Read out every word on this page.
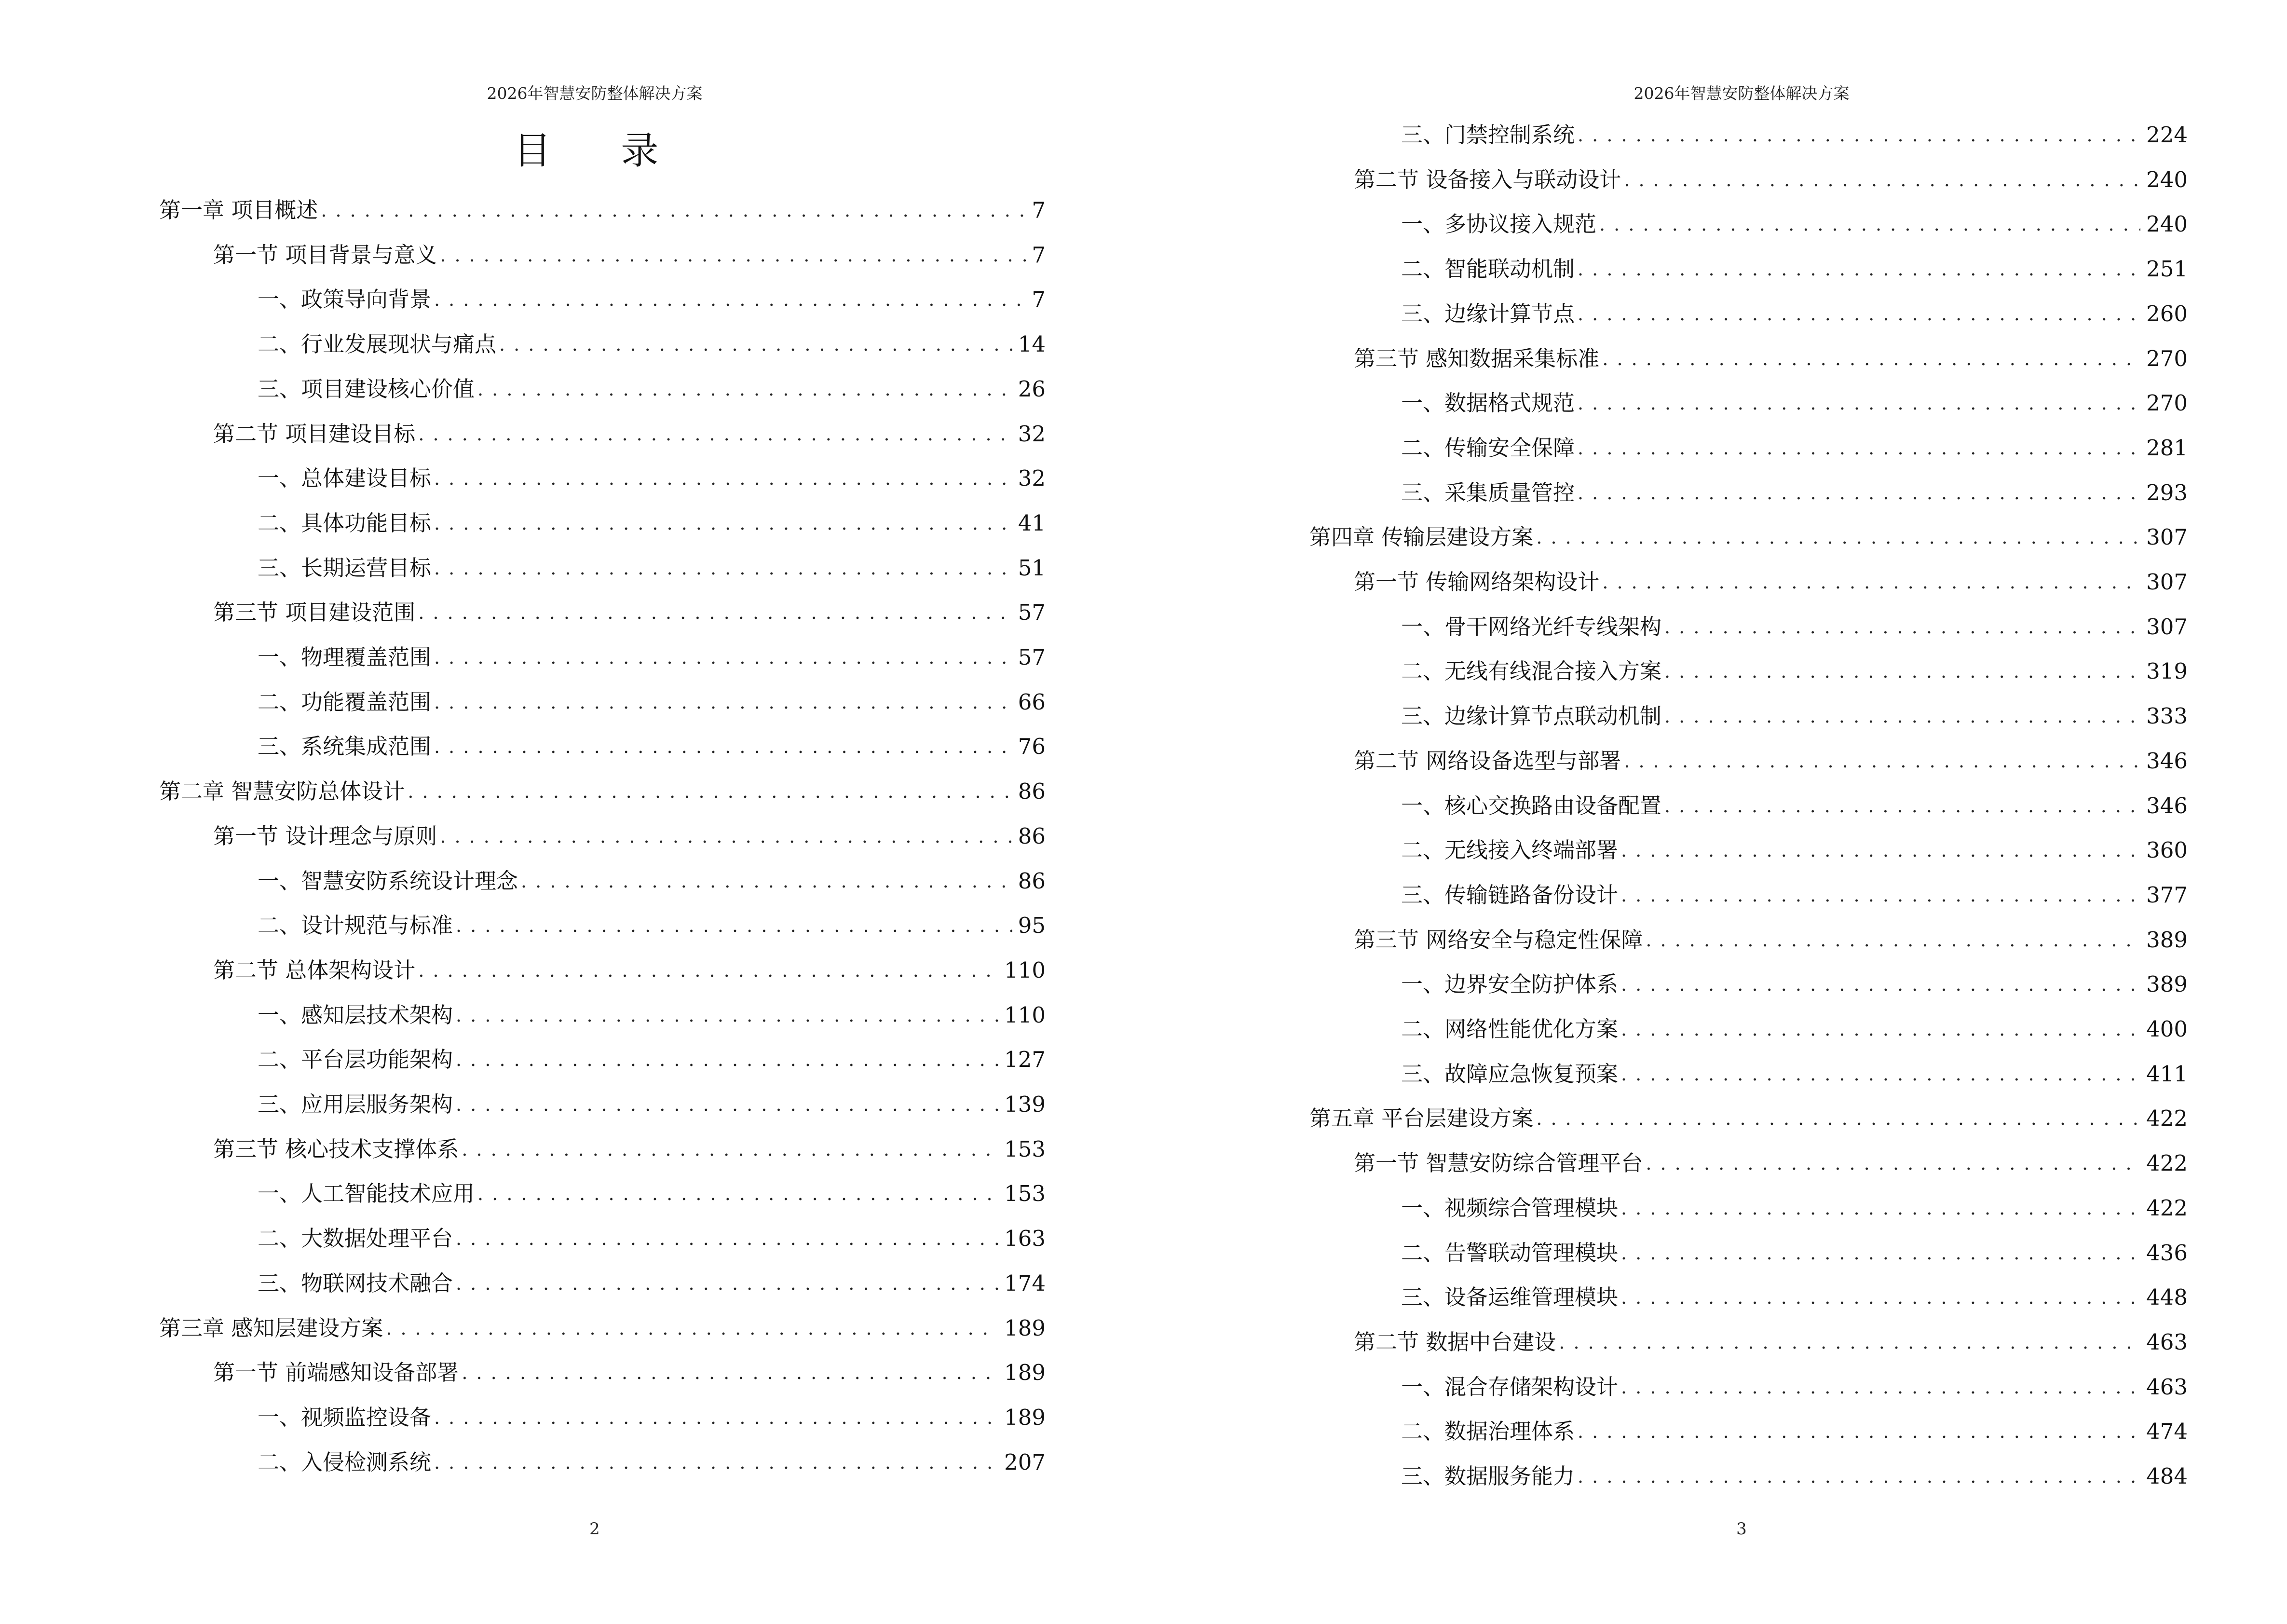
2026年智慧安防整体解决方案
目 录
第一章 项目概述 . . .	7
第一节 项目背景与意义 . . .	7
一、政策导向背景 . . .	7
二、行业发展现状与痛点 . . .	14
三、项目建设核心价值 . . .	26
第二节 项目建设目标 . . .	32
一、总体建设目标 . . .	32
二、具体功能目标 . . .	41
三、长期运营目标 . . .	51
第三节 项目建设范围 . . .	57
一、物理覆盖范围 . . .	57
二、功能覆盖范围 . . .	66
三、系统集成范围 . . .	76
第二章 智慧安防总体设计 . . .	86
第一节 设计理念与原则 . . .	86
一、智慧安防系统设计理念 . . .	86
二、设计规范与标准 . . .	95
第二节 总体架构设计 . . .	110
一、感知层技术架构 . . .	110
二、平台层功能架构 . . .	127
三、应用层服务架构 . . .	139
第三节 核心技术支撑体系 . . .	153
一、人工智能技术应用 . . .	153
二、大数据处理平台 . . .	163
三、物联网技术融合 . . .	174
第三章 感知层建设方案 . . .	189
第一节 前端感知设备部署 . . .	189
一、视频监控设备 . . .	189
二、入侵检测系统 . . .	207
2
2026年智慧安防整体解决方案
三、门禁控制系统 . . .	224
第二节 设备接入与联动设计 . . .	240
一、多协议接入规范 . . .	240
二、智能联动机制 . . .	251
三、边缘计算节点 . . .	260
第三节 感知数据采集标准 . . .	270
一、数据格式规范 . . .	270
二、传输安全保障 . . .	281
三、采集质量管控 . . .	293
第四章 传输层建设方案 . . .	307
第一节 传输网络架构设计 . . .	307
一、骨干网络光纤专线架构 . . .	307
二、无线有线混合接入方案 . . .	319
三、边缘计算节点联动机制 . . .	333
第二节 网络设备选型与部署 . . .	346
一、核心交换路由设备配置 . . .	346
二、无线接入终端部署 . . .	360
三、传输链路备份设计 . . .	377
第三节 网络安全与稳定性保障 . . .	389
一、边界安全防护体系 . . .	389
二、网络性能优化方案 . . .	400
三、故障应急恢复预案 . . .	411
第五章 平台层建设方案 . . .	422
第一节 智慧安防综合管理平台 . . .	422
一、视频综合管理模块 . . .	422
二、告警联动管理模块 . . .	436
三、设备运维管理模块 . . .	448
第二节 数据中台建设 . . .	463
一、混合存储架构设计 . . .	463
二、数据治理体系 . . .	474
三、数据服务能力 . . .	484
3
